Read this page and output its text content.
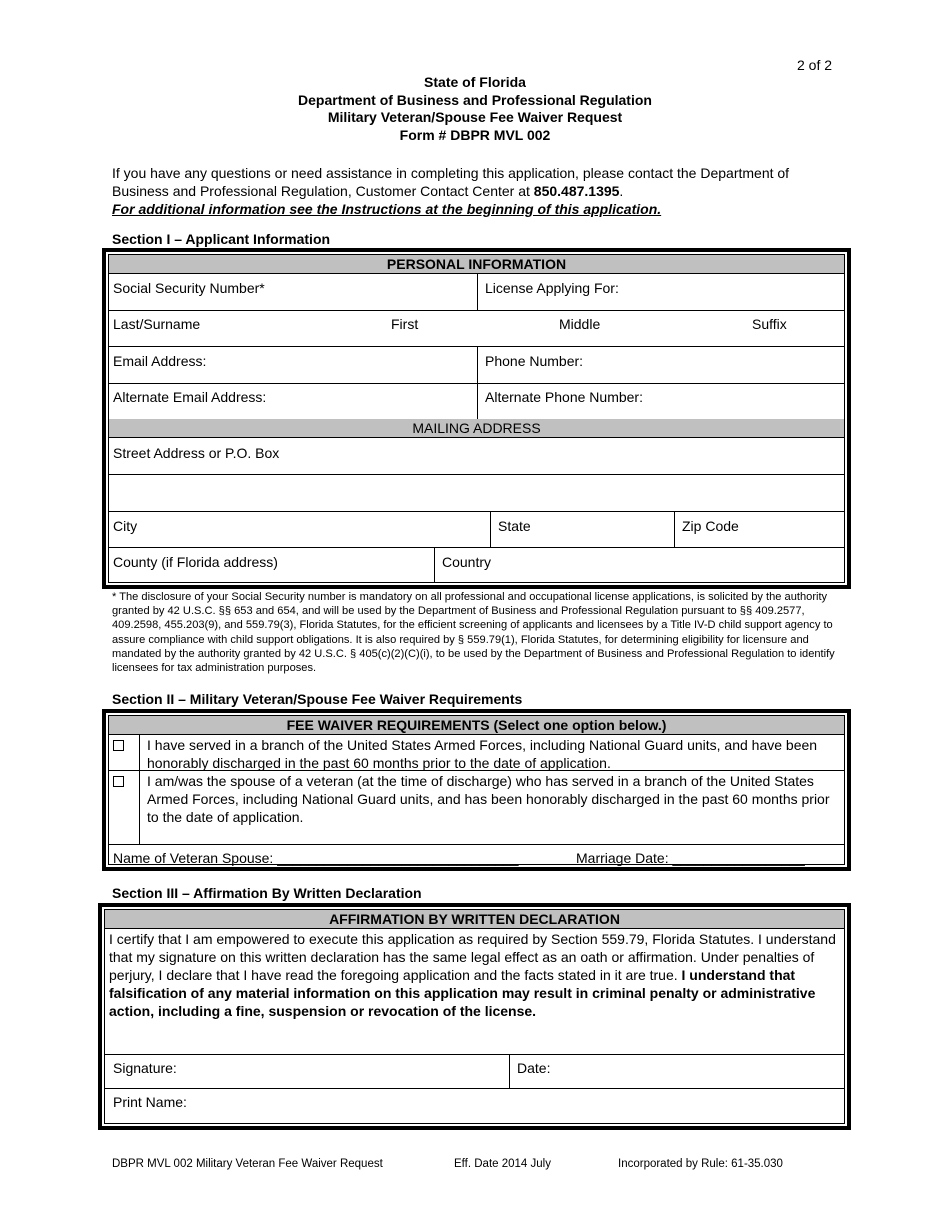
2 of 2
State of Florida
Department of Business and Professional Regulation
Military Veteran/Spouse Fee Waiver Request
Form # DBPR MVL 002
If you have any questions or need assistance in completing this application, please contact the Department of Business and Professional Regulation, Customer Contact Center at 850.487.1395.
For additional information see the Instructions at the beginning of this application.
Section I – Applicant Information
PERSONAL INFORMATION
MAILING ADDRESS
Social Security Number*	License Applying For:
Last/Surname	First	Middle	Suffix
Email Address:	Phone Number:
Alternate Email Address:	Alternate Phone Number:
Street Address or P.O. Box
City	State	Zip Code
County (if Florida address)	Country
* The disclosure of your Social Security number is mandatory on all professional and occupational license applications, is solicited by the authority granted by 42 U.S.C. §§ 653 and 654, and will be used by the Department of Business and Professional Regulation pursuant to §§ 409.2577, 409.2598, 455.203(9), and 559.79(3), Florida Statutes, for the efficient screening of applicants and licensees by a Title IV-D child support agency to assure compliance with child support obligations. It is also required by § 559.79(1), Florida Statutes, for determining eligibility for licensure and mandated by the authority granted by 42 U.S.C. § 405(c)(2)(C)(i), to be used by the Department of Business and Professional Regulation to identify licensees for tax administration purposes.
Section II – Military Veteran/Spouse Fee Waiver Requirements
FEE WAIVER REQUIREMENTS (Select one option below.)
I have served in a branch of the United States Armed Forces, including National Guard units, and have been honorably discharged in the past 60 months prior to the date of application.
I am/was the spouse of a veteran (at the time of discharge) who has served in a branch of the United States Armed Forces, including National Guard units, and has been honorably discharged in the past 60 months prior to the date of application.
Name of Veteran Spouse: _______________________________	Marriage Date: _________________
Section III – Affirmation By Written Declaration
AFFIRMATION BY WRITTEN DECLARATION
I certify that I am empowered to execute this application as required by Section 559.79, Florida Statutes. I understand that my signature on this written declaration has the same legal effect as an oath or affirmation. Under penalties of perjury, I declare that I have read the foregoing application and the facts stated in it are true. I understand that falsification of any material information on this application may result in criminal penalty or administrative action, including a fine, suspension or revocation of the license.
Signature:	Date:
Print Name:
DBPR MVL 002 Military Veteran Fee Waiver Request	Eff. Date 2014 July	Incorporated by Rule: 61-35.030
